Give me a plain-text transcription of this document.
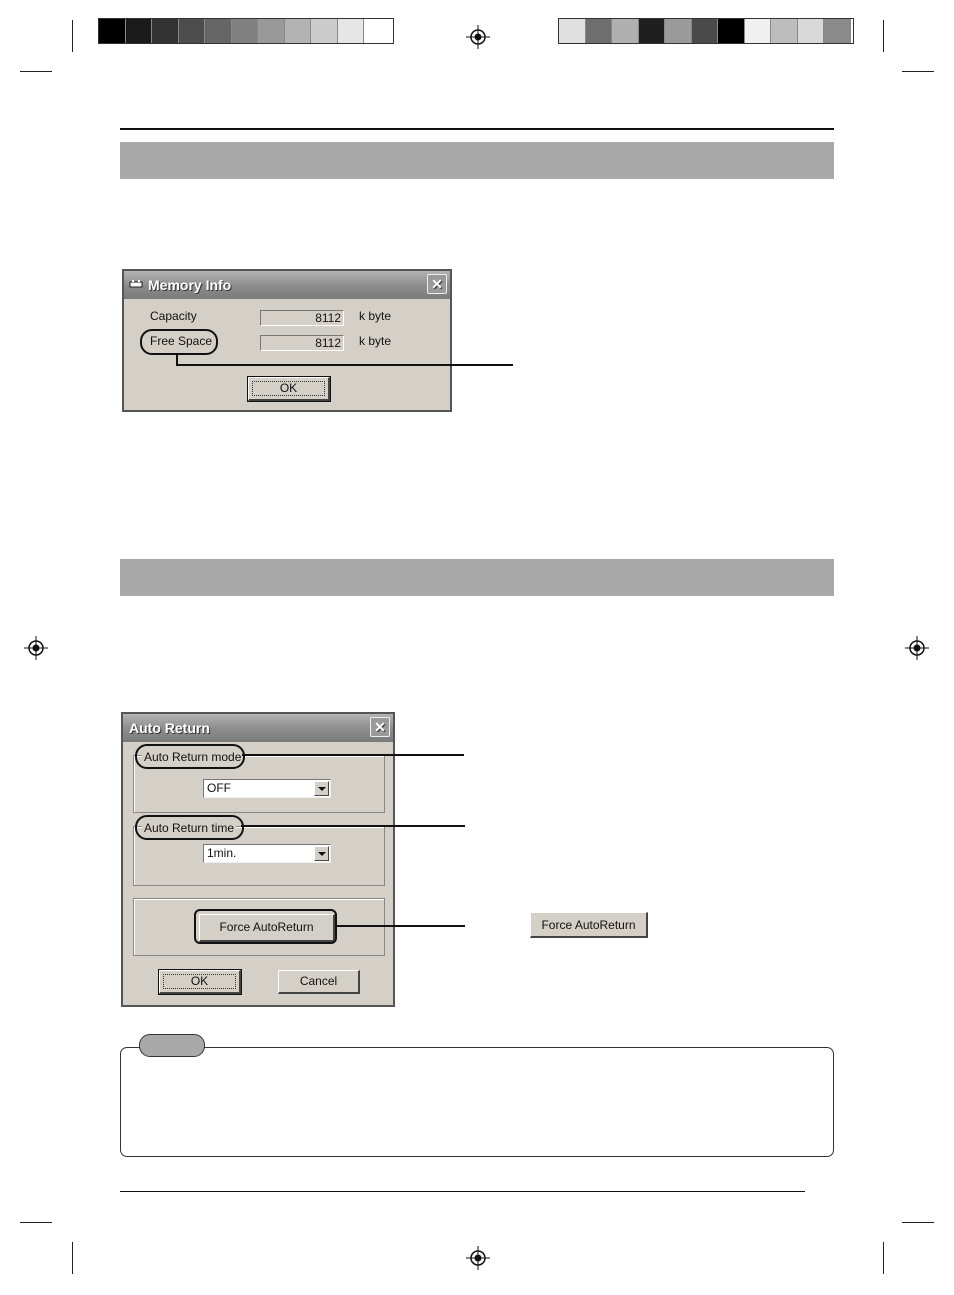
Memory Info	✕
Capacity	8112 k byte
Free Space	8112 k byte
OK
Auto Return	✕
Auto Return mode
OFF
Auto Return time
1min.
Force AutoReturn
OK	Cancel
Force AutoReturn
